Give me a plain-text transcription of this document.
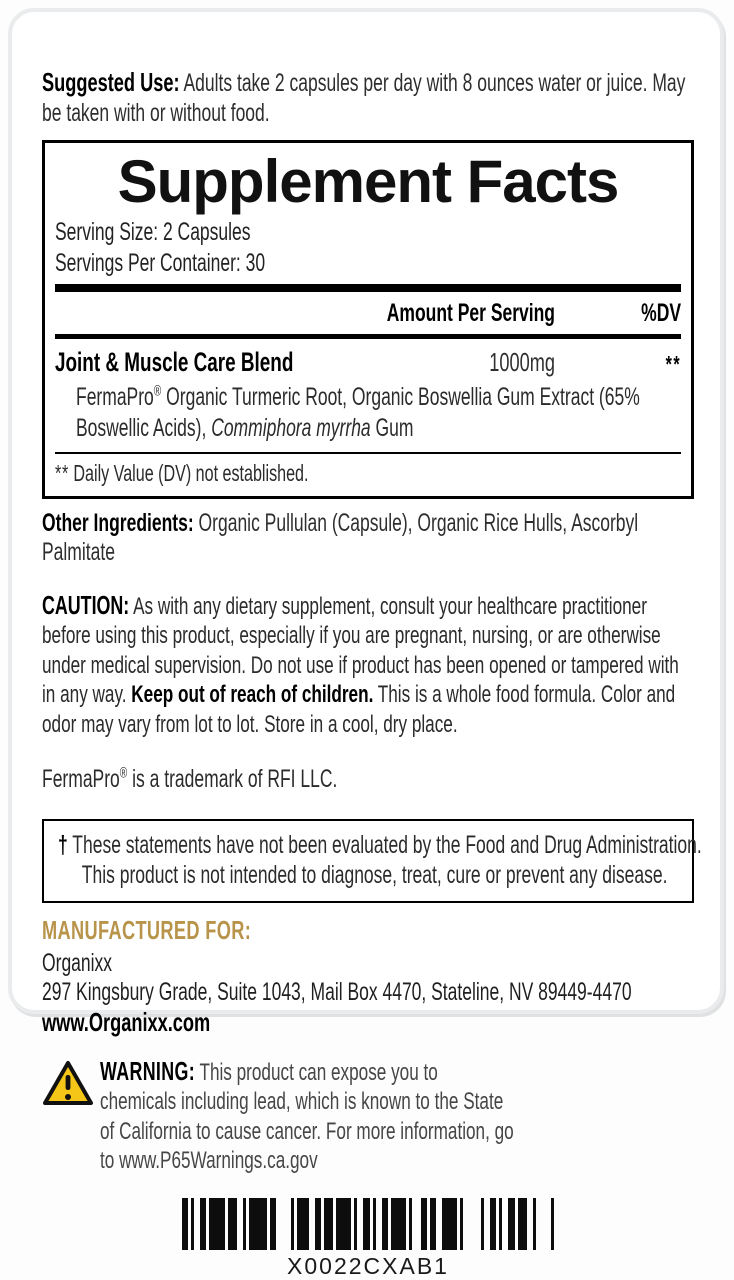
Suggested Use: Adults take 2 capsules per day with 8 ounces water or juice. May be taken with or without food.

Supplement Facts
Serving Size: 2 Capsules
Servings Per Container: 30
Amount Per Serving	%DV
Joint & Muscle Care Blend	1000mg	**
FermaPro® Organic Turmeric Root, Organic Boswellia Gum Extract (65% Boswellic Acids), Commiphora myrrha Gum
** Daily Value (DV) not established.

Other Ingredients: Organic Pullulan (Capsule), Organic Rice Hulls, Ascorbyl Palmitate

CAUTION: As with any dietary supplement, consult your healthcare practitioner before using this product, especially if you are pregnant, nursing, or are otherwise under medical supervision. Do not use if product has been opened or tampered with in any way. Keep out of reach of children. This is a whole food formula. Color and odor may vary from lot to lot. Store in a cool, dry place.

FermaPro® is a trademark of RFI LLC.

† These statements have not been evaluated by the Food and Drug Administration. This product is not intended to diagnose, treat, cure or prevent any disease.

MANUFACTURED FOR:
Organixx
297 Kingsbury Grade, Suite 1043, Mail Box 4470, Stateline, NV 89449-4470
www.Organixx.com
WARNING: This product can expose you to chemicals including lead, which is known to the State of California to cause cancer. For more information, go to www.P65Warnings.ca.gov
X0022CXAB1
